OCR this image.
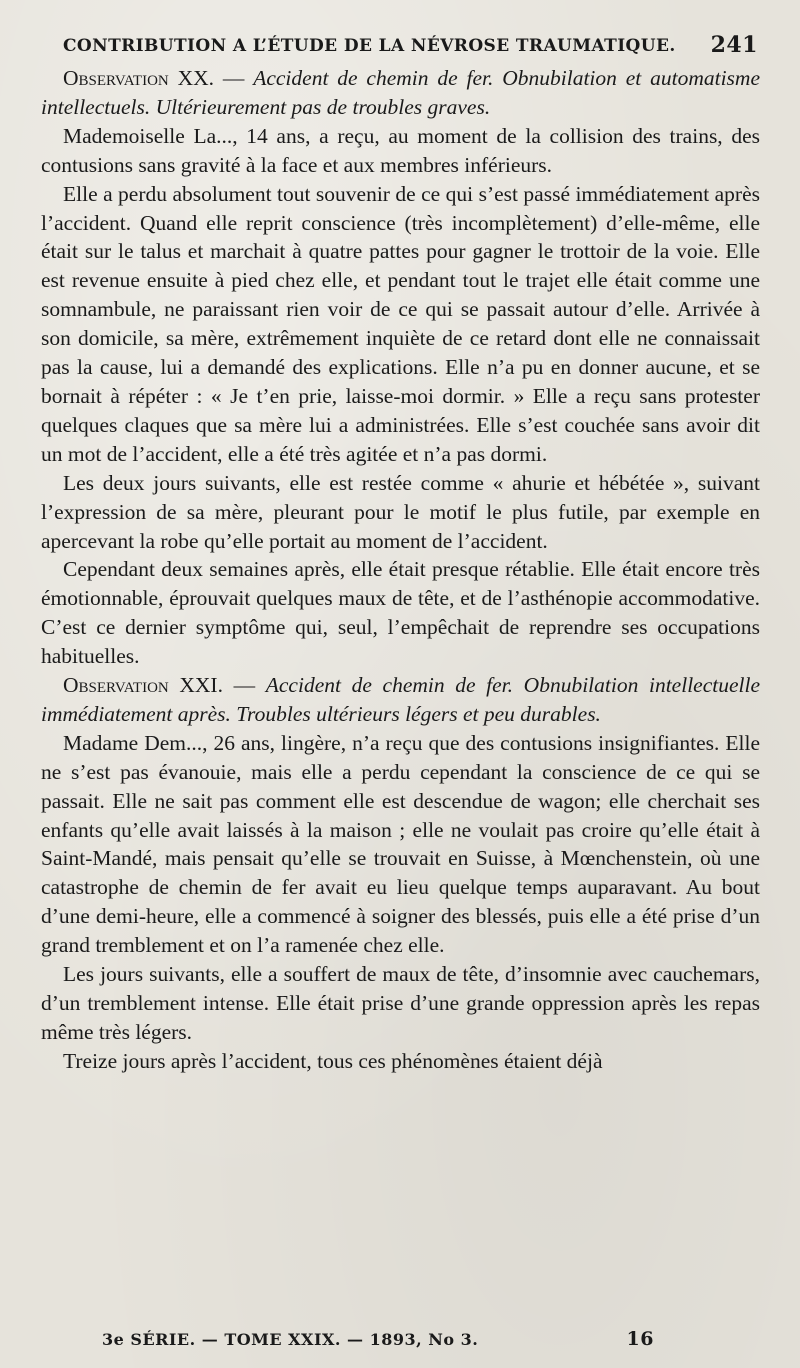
CONTRIBUTION A L’ÉTUDE DE LA NÉVROSE TRAUMATIQUE. 241

Observation XX. — Accident de chemin de fer. Obnubilation et automatisme intellectuels. Ultérieurement pas de troubles graves.

Mademoiselle La..., 14 ans, a reçu, au moment de la collision des trains, des contusions sans gravité à la face et aux membres inférieurs.

Elle a perdu absolument tout souvenir de ce qui s’est passé immédiatement après l’accident. Quand elle reprit conscience (très incomplètement) d’elle-même, elle était sur le talus et marchait à quatre pattes pour gagner le trottoir de la voie. Elle est revenue ensuite à pied chez elle, et pendant tout le trajet elle était comme une somnambule, ne paraissant rien voir de ce qui se passait autour d’elle. Arrivée à son domicile, sa mère, extrêmement inquiète de ce retard dont elle ne connaissait pas la cause, lui a demandé des explications. Elle n’a pu en donner aucune, et se bornait à répéter : « Je t’en prie, laisse-moi dormir. » Elle a reçu sans protester quelques claques que sa mère lui a administrées. Elle s’est couchée sans avoir dit un mot de l’accident, elle a été très agitée et n’a pas dormi.

Les deux jours suivants, elle est restée comme « ahurie et hébétée », suivant l’expression de sa mère, pleurant pour le motif le plus futile, par exemple en apercevant la robe qu’elle portait au moment de l’accident.

Cependant deux semaines après, elle était presque rétablie. Elle était encore très émotionnable, éprouvait quelques maux de tête, et de l’asthénopie accommodative. C’est ce dernier symptôme qui, seul, l’empêchait de reprendre ses occupations habituelles.

Observation XXI. — Accident de chemin de fer. Obnubilation intellectuelle immédiatement après. Troubles ultérieurs légers et peu durables.

Madame Dem..., 26 ans, lingère, n’a reçu que des contusions insignifiantes. Elle ne s’est pas évanouie, mais elle a perdu cependant la conscience de ce qui se passait. Elle ne sait pas comment elle est descendue de wagon; elle cherchait ses enfants qu’elle avait laissés à la maison ; elle ne voulait pas croire qu’elle était à Saint-Mandé, mais pensait qu’elle se trouvait en Suisse, à Mœnchenstein, où une catastrophe de chemin de fer avait eu lieu quelque temps auparavant. Au bout d’une demi-heure, elle a commencé à soigner des blessés, puis elle a été prise d’un grand tremblement et on l’a ramenée chez elle.

Les jours suivants, elle a souffert de maux de tête, d’insomnie avec cauchemars, d’un tremblement intense. Elle était prise d’une grande oppression après les repas même très légers.

Treize jours après l’accident, tous ces phénomènes étaient déjà

3e SÉRIE. — TOME XXIX. — 1893, No 3.	16
